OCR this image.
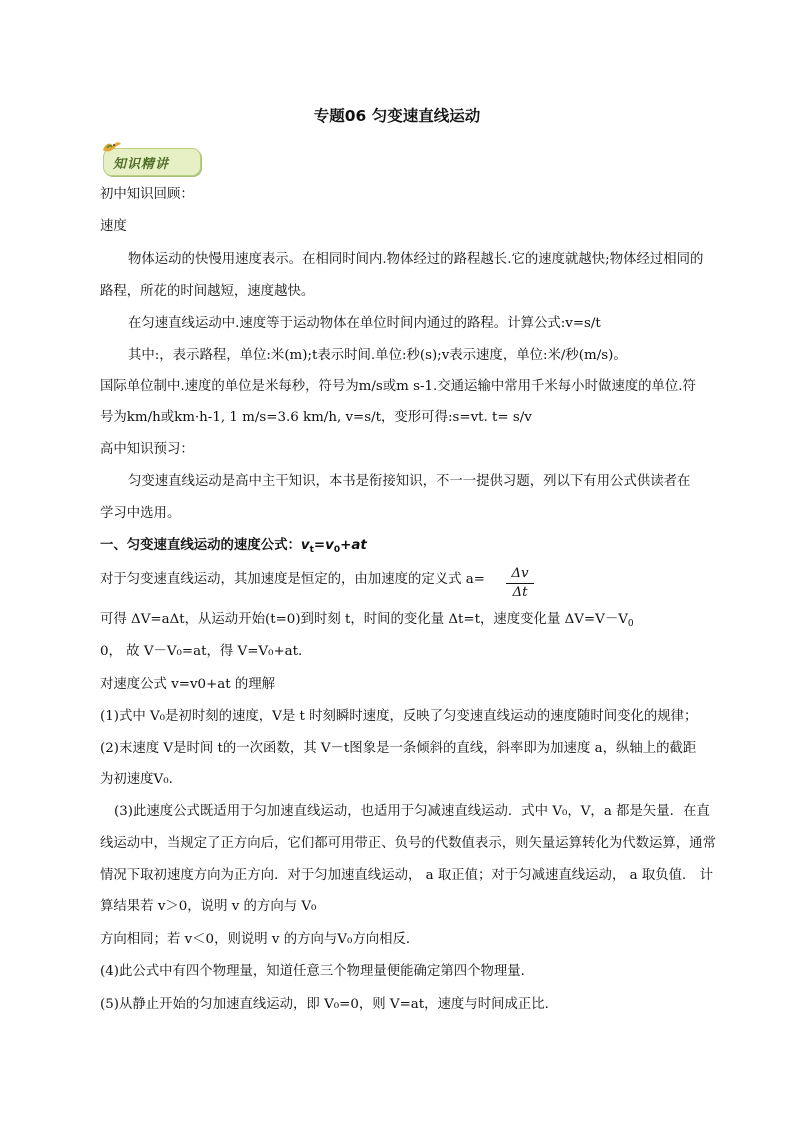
专题06 匀变速直线运动
知识精讲
初中知识回顾：
速度
物体运动的快慢用速度表示。在相同时间内.物体经过的路程越长.它的速度就越快;物体经过相同的
路程，所花的时间越短，速度越快。
在匀速直线运动中.速度等于运动物体在单位时间内通过的路程。计算公式:v=s/t
其中:，表示路程，单位:米(m);t表示时间.单位:秒(s);v表示速度，单位:米/秒(m/s)。
国际单位制中.速度的单位是米每秒，符号为m/s或m s-1.交通运输中常用千米每小时做速度的单位.符
号为km/h或km·h-1, 1 m/s=3.6 km/h, v=s/t，变形可得:s=vt. t= s/v
高中知识预习：
匀变速直线运动是高中主干知识，本书是衔接知识，不一一提供习题，列以下有用公式供读者在
学习中选用。
一、匀变速直线运动的速度公式：$v_t=v_0+at$
对于匀变速直线运动，其加速度是恒定的，由加速度的定义式 a=	Δv
Δt
可得 ΔV=aΔt，从运动开始(t=0)到时刻 t，时间的变化量 Δt=t，速度变化量 $\Delta V=V-V_0$
0， 故 V－V₀=at，得 V=V₀+at.
对速度公式 v=v0+at 的理解
(1)式中 V₀是初时刻的速度，V是 t 时刻瞬时速度，反映了匀变速直线运动的速度随时间变化的规律；
(2)末速度 V是时间 t的一次函数，其 V－t图象是一条倾斜的直线，斜率即为加速度 a，纵轴上的截距
为初速度V₀.
(3)此速度公式既适用于匀加速直线运动，也适用于匀减速直线运动．式中 V₀，V，a 都是矢量．在直
线运动中，当规定了正方向后，它们都可用带正、负号的代数值表示，则矢量运算转化为代数运算，通常
情况下取初速度方向为正方向．对于匀加速直线运动， a 取正值；对于匀减速直线运动， a 取负值． 计
算结果若 v＞0，说明 v 的方向与 V₀
方向相同；若 v＜0，则说明 v 的方向与V₀方向相反．
(4)此公式中有四个物理量，知道任意三个物理量便能确定第四个物理量．
(5)从静止开始的匀加速直线运动，即 V₀=0，则 V=at，速度与时间成正比．
